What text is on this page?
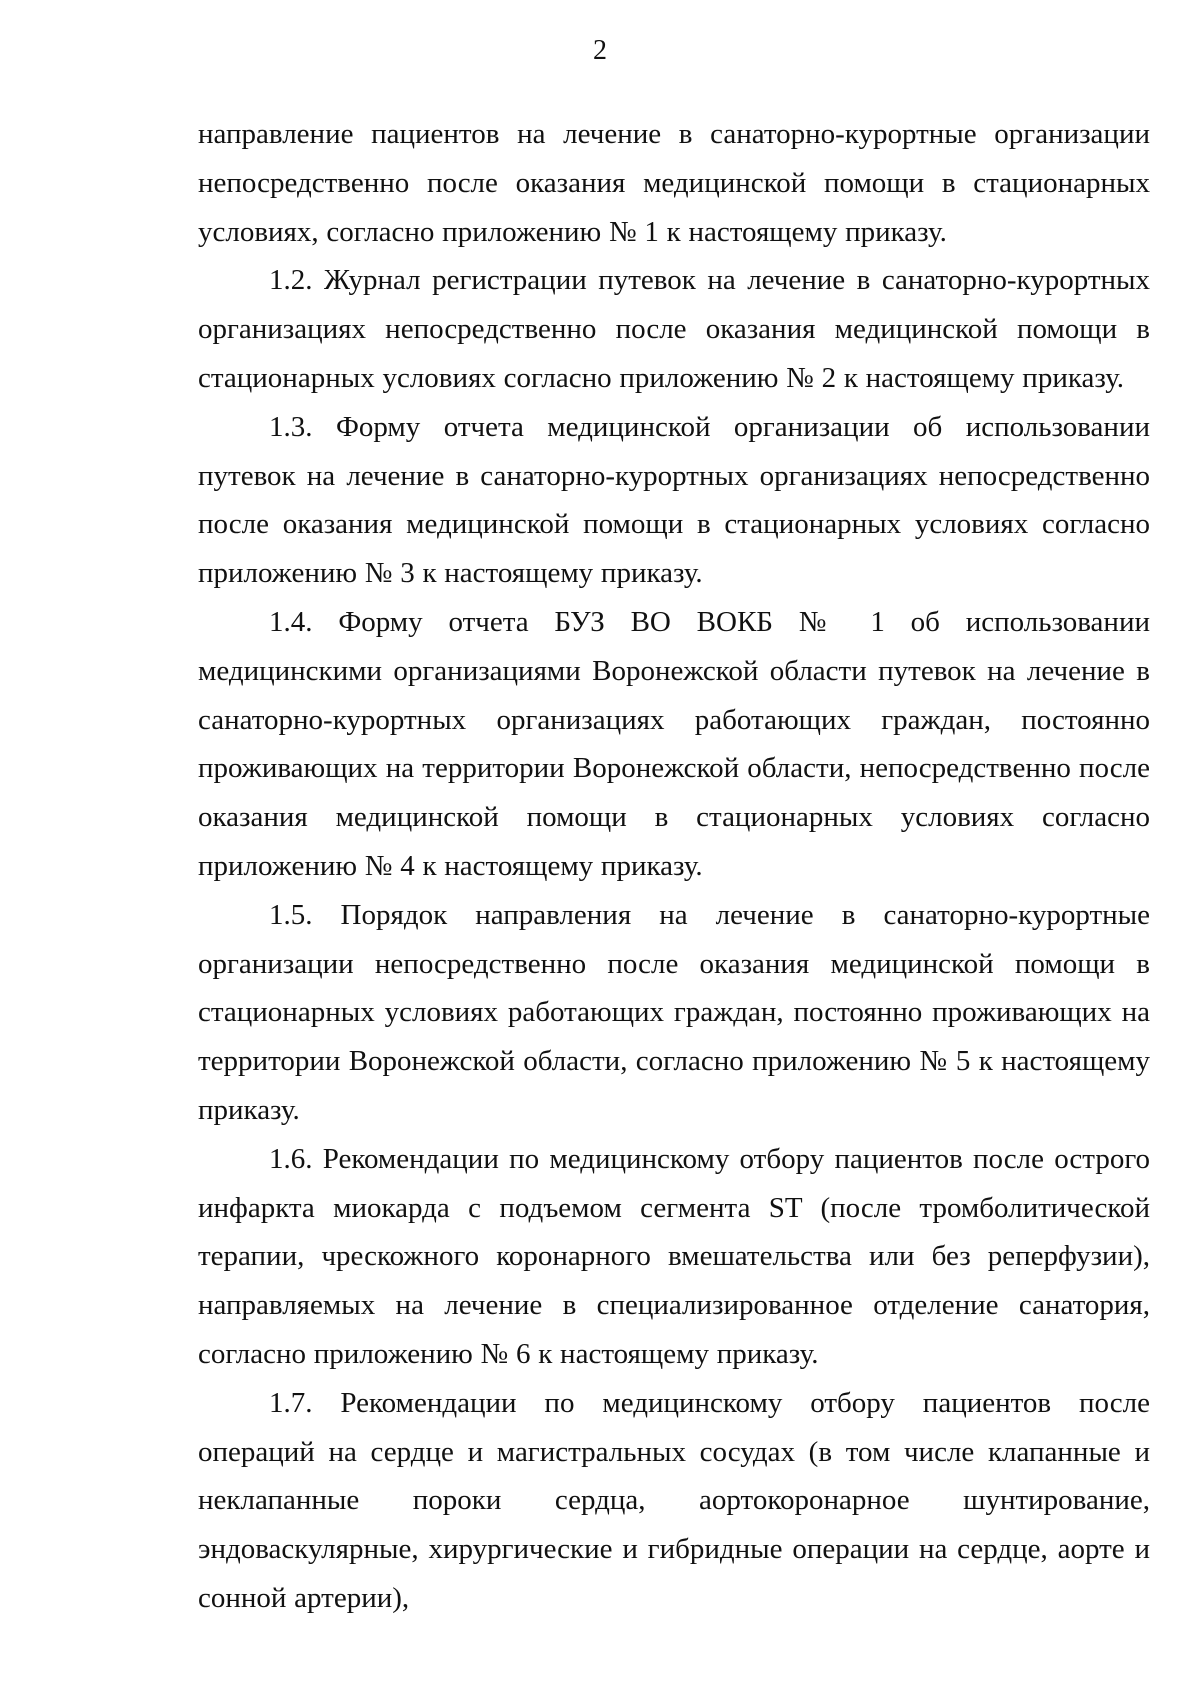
2

направление пациентов на лечение в санаторно-курортные организации непосредственно после оказания медицинской помощи в стационарных условиях, согласно приложению № 1 к настоящему приказу.

1.2. Журнал регистрации путевок на лечение в санаторно-курортных организациях непосредственно после оказания медицинской помощи в стационарных условиях согласно приложению № 2 к настоящему приказу.

1.3. Форму отчета медицинской организации об использовании путевок на лечение в санаторно-курортных организациях непосредственно после оказания медицинской помощи в стационарных условиях согласно приложению № 3 к настоящему приказу.

1.4. Форму отчета БУЗ ВО ВОКБ № 1 об использовании медицинскими организациями Воронежской области путевок на лечение в санаторно-курортных организациях работающих граждан, постоянно проживающих на территории Воронежской области, непосредственно после оказания медицинской помощи в стационарных условиях согласно приложению № 4 к настоящему приказу.

1.5. Порядок направления на лечение в санаторно-курортные организации непосредственно после оказания медицинской помощи в стационарных условиях работающих граждан, постоянно проживающих на территории Воронежской области, согласно приложению № 5 к настоящему приказу.

1.6. Рекомендации по медицинскому отбору пациентов после острого инфаркта миокарда с подъемом сегмента ST (после тромболитической терапии, чрескожного коронарного вмешательства или без реперфузии), направляемых на лечение в специализированное отделение санатория, согласно приложению № 6 к настоящему приказу.

1.7. Рекомендации по медицинскому отбору пациентов после операций на сердце и магистральных сосудах (в том числе клапанные и неклапанные пороки сердца, аортокоронарное шунтирование, эндоваскулярные, хирургические и гибридные операции на сердце, аорте и сонной артерии),
